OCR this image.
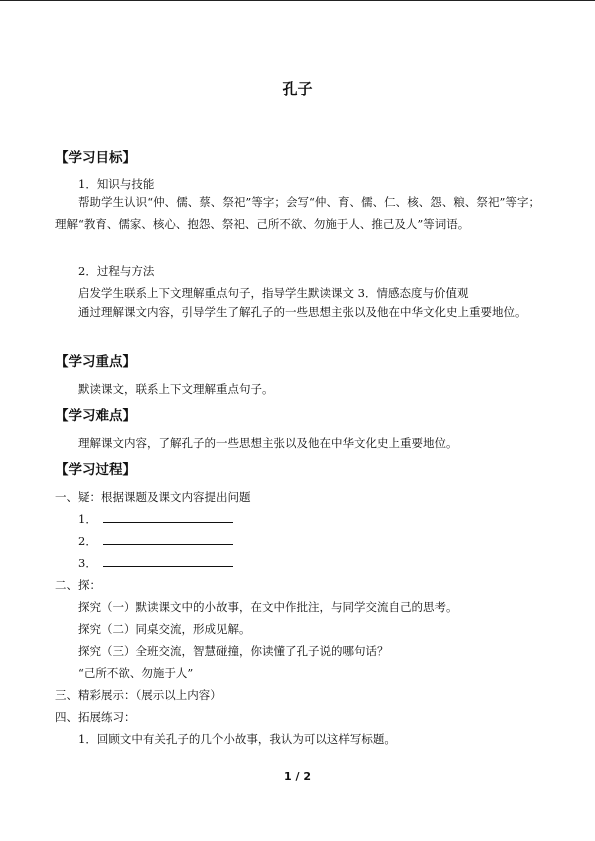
孔子
【学习目标】
1．知识与技能
帮助学生认识“仲、儒、蔡、祭祀”等字；会写“仲、育、儒、仁、核、怨、粮、祭祀”等字；理解“教育、儒家、核心、抱怨、祭祀、己所不欲、勿施于人、推己及人”等词语。
2．过程与方法
启发学生联系上下文理解重点句子，指导学生默读课文 3．情感态度与价值观
通过理解课文内容，引导学生了解孔子的一些思想主张以及他在中华文化史上重要地位。
【学习重点】
默读课文，联系上下文理解重点句子。
【学习难点】
理解课文内容，了解孔子的一些思想主张以及他在中华文化史上重要地位。
【学习过程】
一、疑：根据课题及课文内容提出问题
1．
2．
3．
二、探：
探究（一）默读课文中的小故事，在文中作批注，与同学交流自己的思考。
探究（二）同桌交流，形成见解。
探究（三）全班交流，智慧碰撞，你读懂了孔子说的哪句话？
“己所不欲、勿施于人”
三、精彩展示：（展示以上内容）
四、拓展练习：
1．回顾文中有关孔子的几个小故事，我认为可以这样写标题。
1 / 2
